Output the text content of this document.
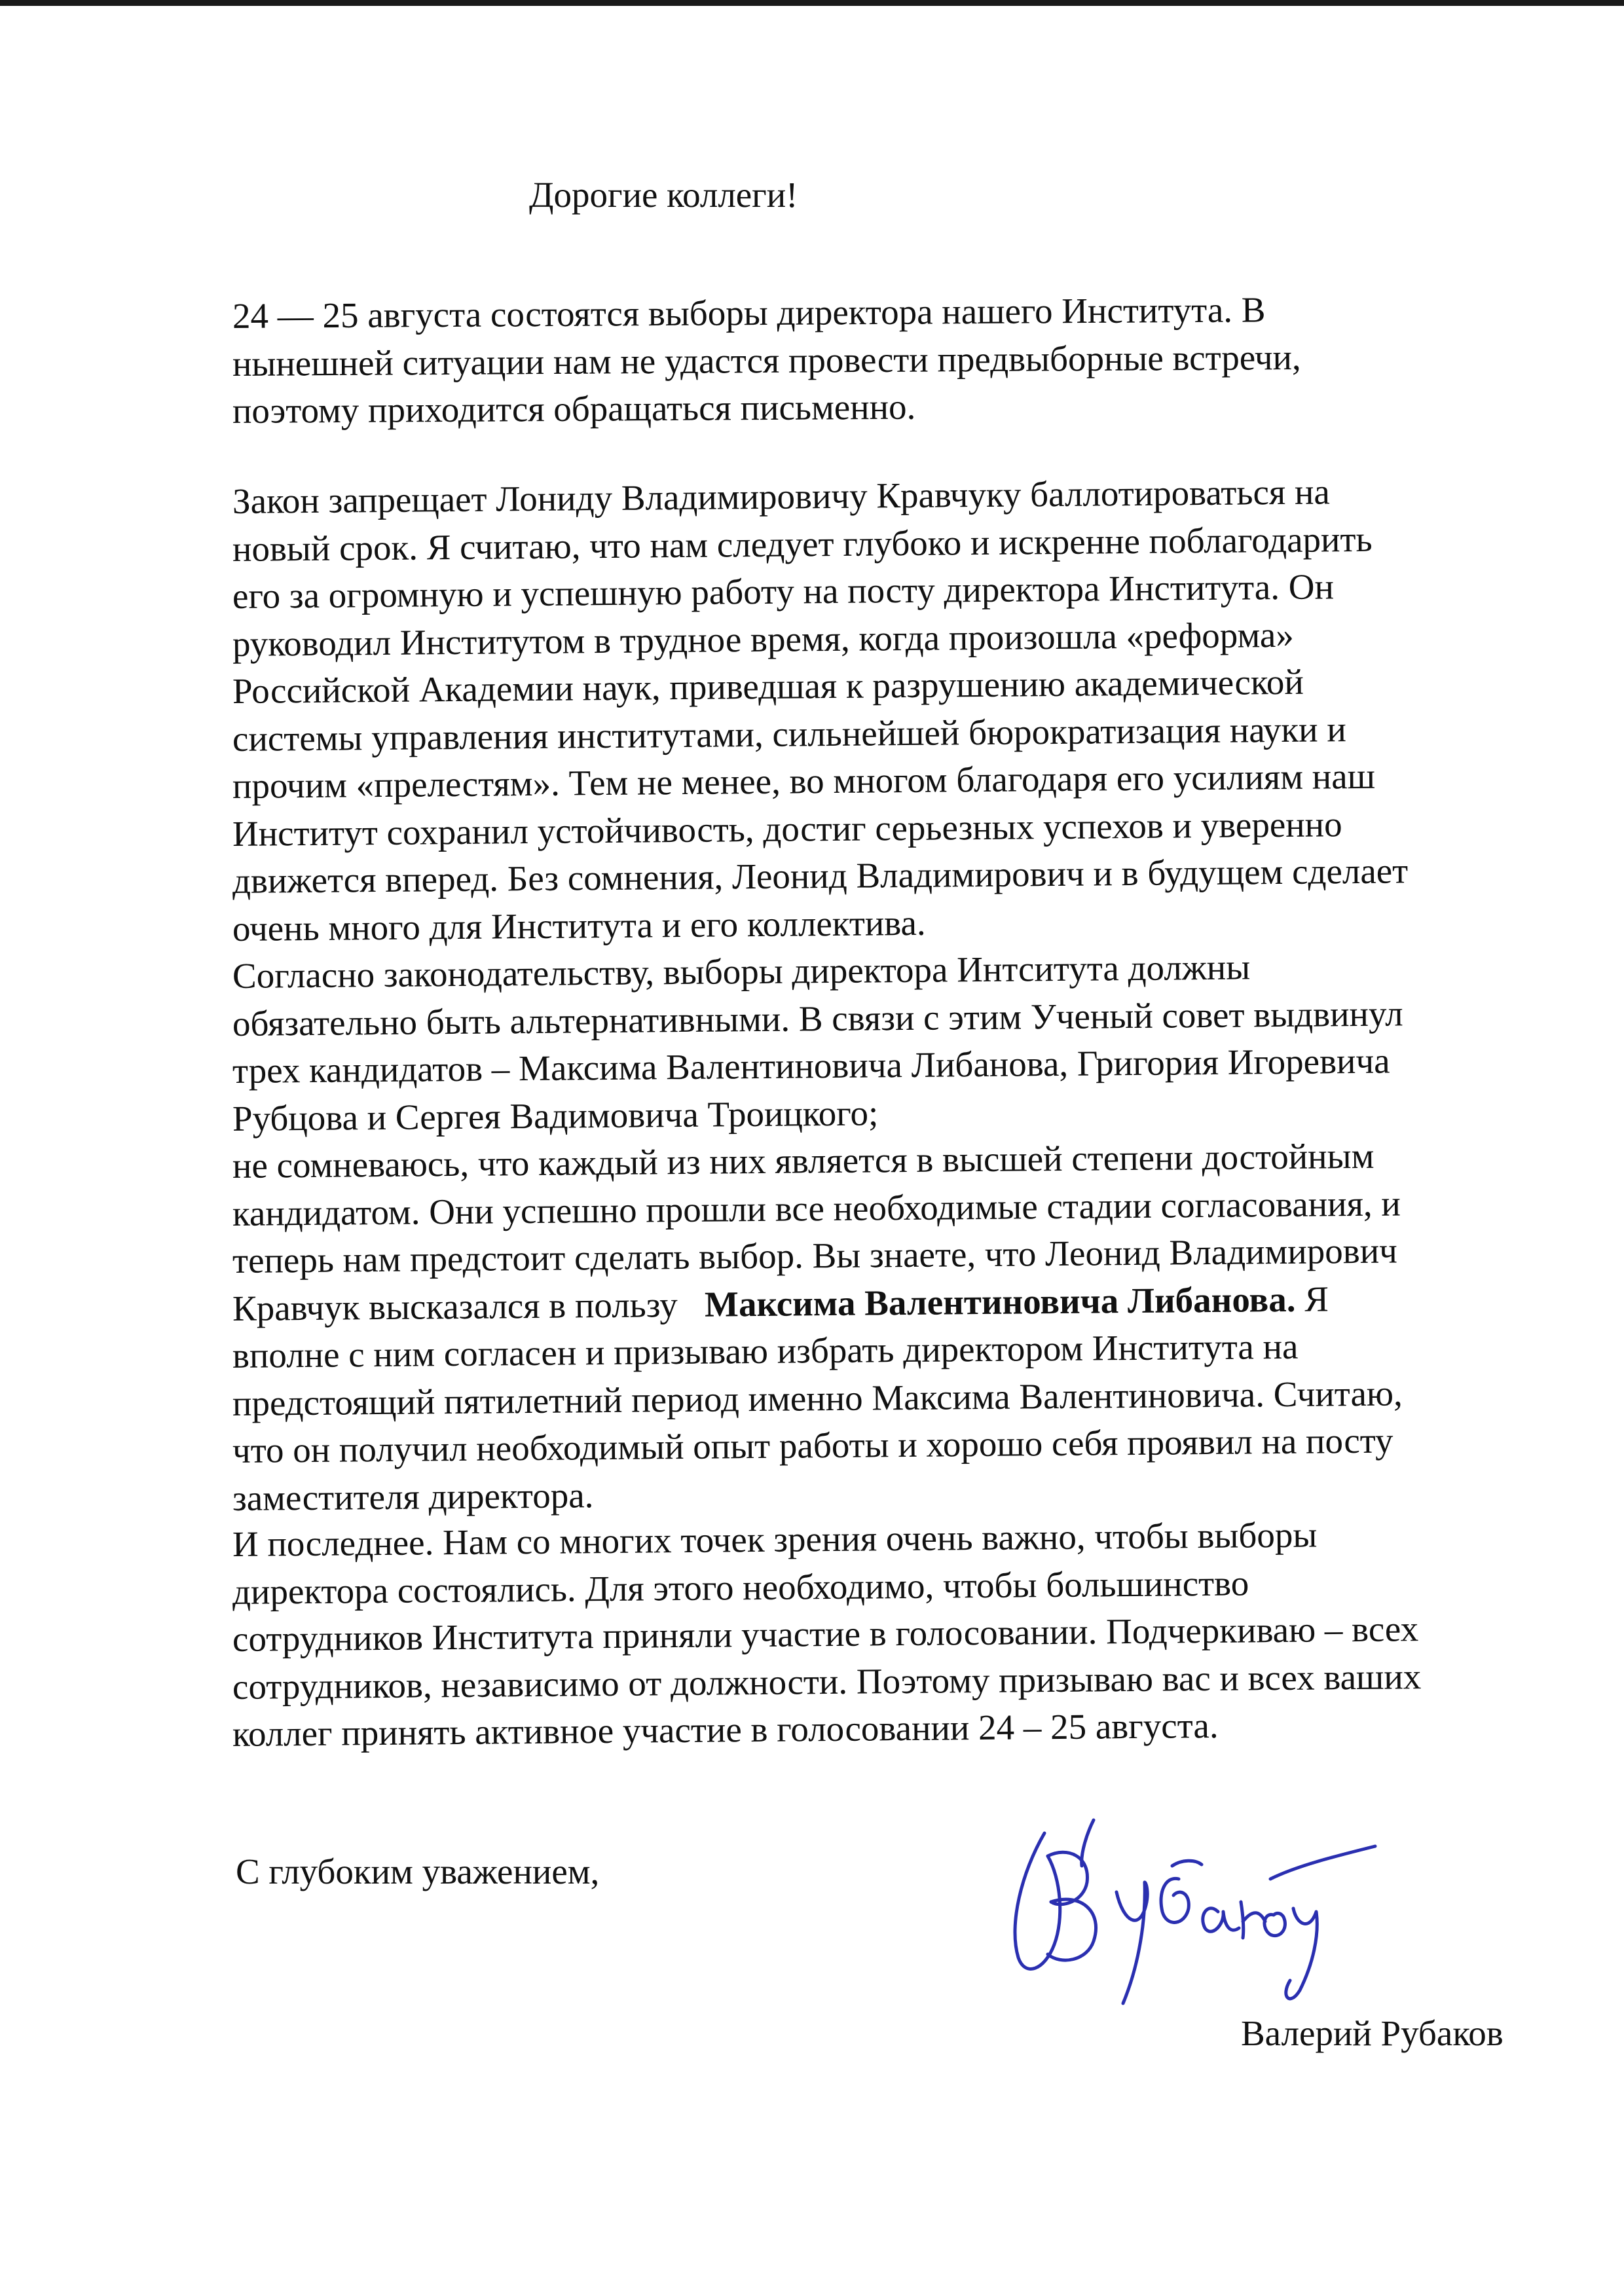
Дорогие коллеги!

24 — 25 августа состоятся выборы директора нашего Института. В
нынешней ситуации нам не удастся провести предвыборные встречи,
поэтому приходится обращаться письменно.

Закон запрещает Лониду Владимировичу Кравчуку баллотироваться на
новый срок. Я считаю, что нам следует глубоко и искренне поблагодарить
его за огромную и успешную работу на посту директора Института. Он
руководил Институтом в трудное время, когда произошла «реформа»
Российской Академии наук, приведшая к разрушению академической
системы управления институтами, сильнейшей бюрократизация науки и
прочим «прелестям». Тем не менее, во многом благодаря его усилиям наш
Институт сохранил устойчивость, достиг серьезных успехов и уверенно
движется вперед. Без сомнения, Леонид Владимирович и в будущем сделает
очень много для Института и его коллектива.

Согласно законодательству, выборы директора Интситута должны
обязательно быть альтернативными. В связи с этим Ученый совет выдвинул
трех кандидатов – Максима Валентиновича Либанова, Григория Игоревича
Рубцова и Сергея Вадимовича Троицкого;
не сомневаюсь, что каждый из них является в высшей степени достойным
кандидатом. Они успешно прошли все необходимые стадии согласования, и
теперь нам предстоит сделать выбор. Вы знаете, что Леонид Владимирович
Кравчук высказался в пользу   Максима Валентиновича Либанова. Я
вполне с ним согласен и призываю избрать директором Института на
предстоящий пятилетний период именно Максима Валентиновича. Считаю,
что он получил необходимый опыт работы и хорошо себя проявил на посту
заместителя директора.

И последнее. Нам со многих точек зрения очень важно, чтобы выборы
директора состоялись. Для этого необходимо, чтобы большинство
сотрудников Института приняли участие в голосовании. Подчеркиваю – всех
сотрудников, независимо от должности. Поэтому призываю вас и всех ваших
коллег принять активное участие в голосовании 24 – 25 августа.

С глубоким уважением,

Валерий Рубаков
